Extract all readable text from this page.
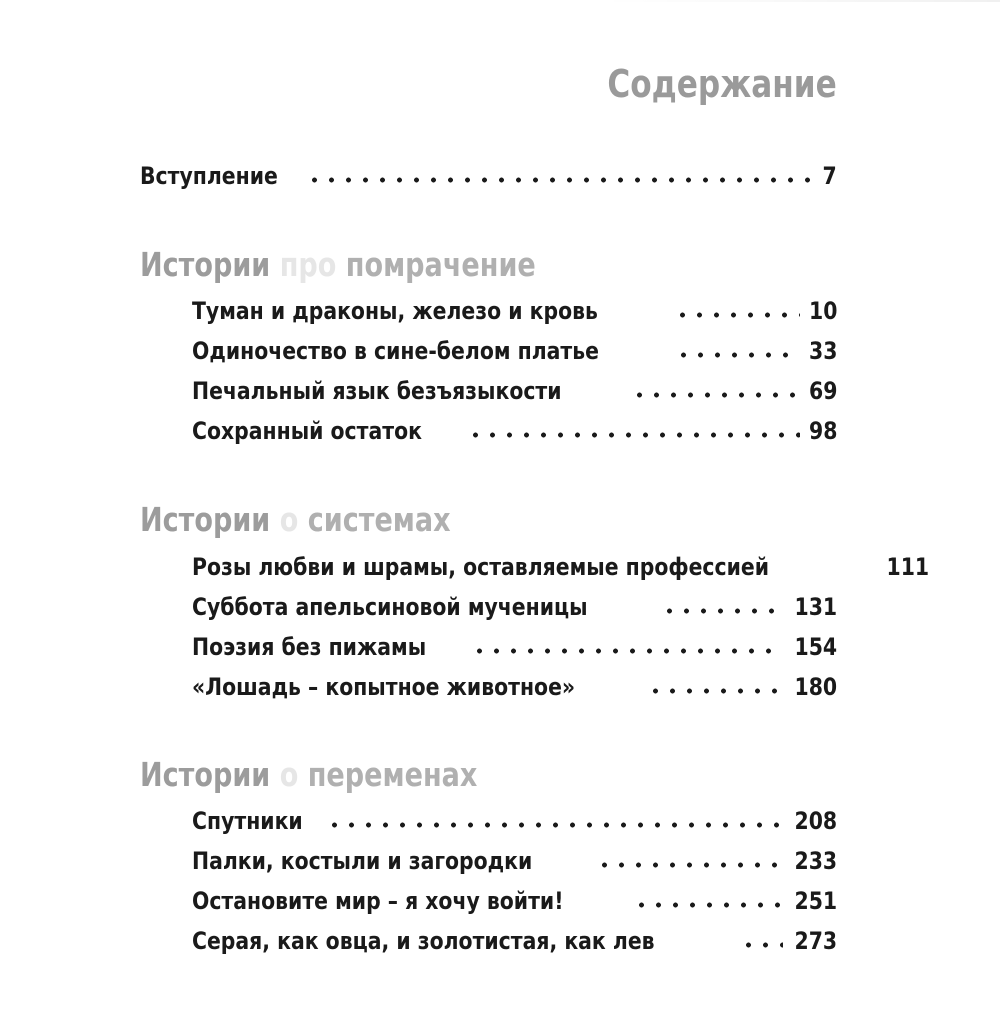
Содержание
Вступление	7
Истории про помрачение
Туман и драконы, железо и кровь	10
Одиночество в сине-белом платье	33
Печальный язык безъязыкости	69
Сохранный остаток	98
Истории о системах
Розы любви и шрамы, оставляемые профессией	111
Суббота апельсиновой мученицы	131
Поэзия без пижамы	154
«Лошадь – копытное животное»	180
Истории о переменах
Спутники	208
Палки, костыли и загородки	233
Остановите мир – я хочу войти!	251
Серая, как овца, и золотистая, как лев	273
